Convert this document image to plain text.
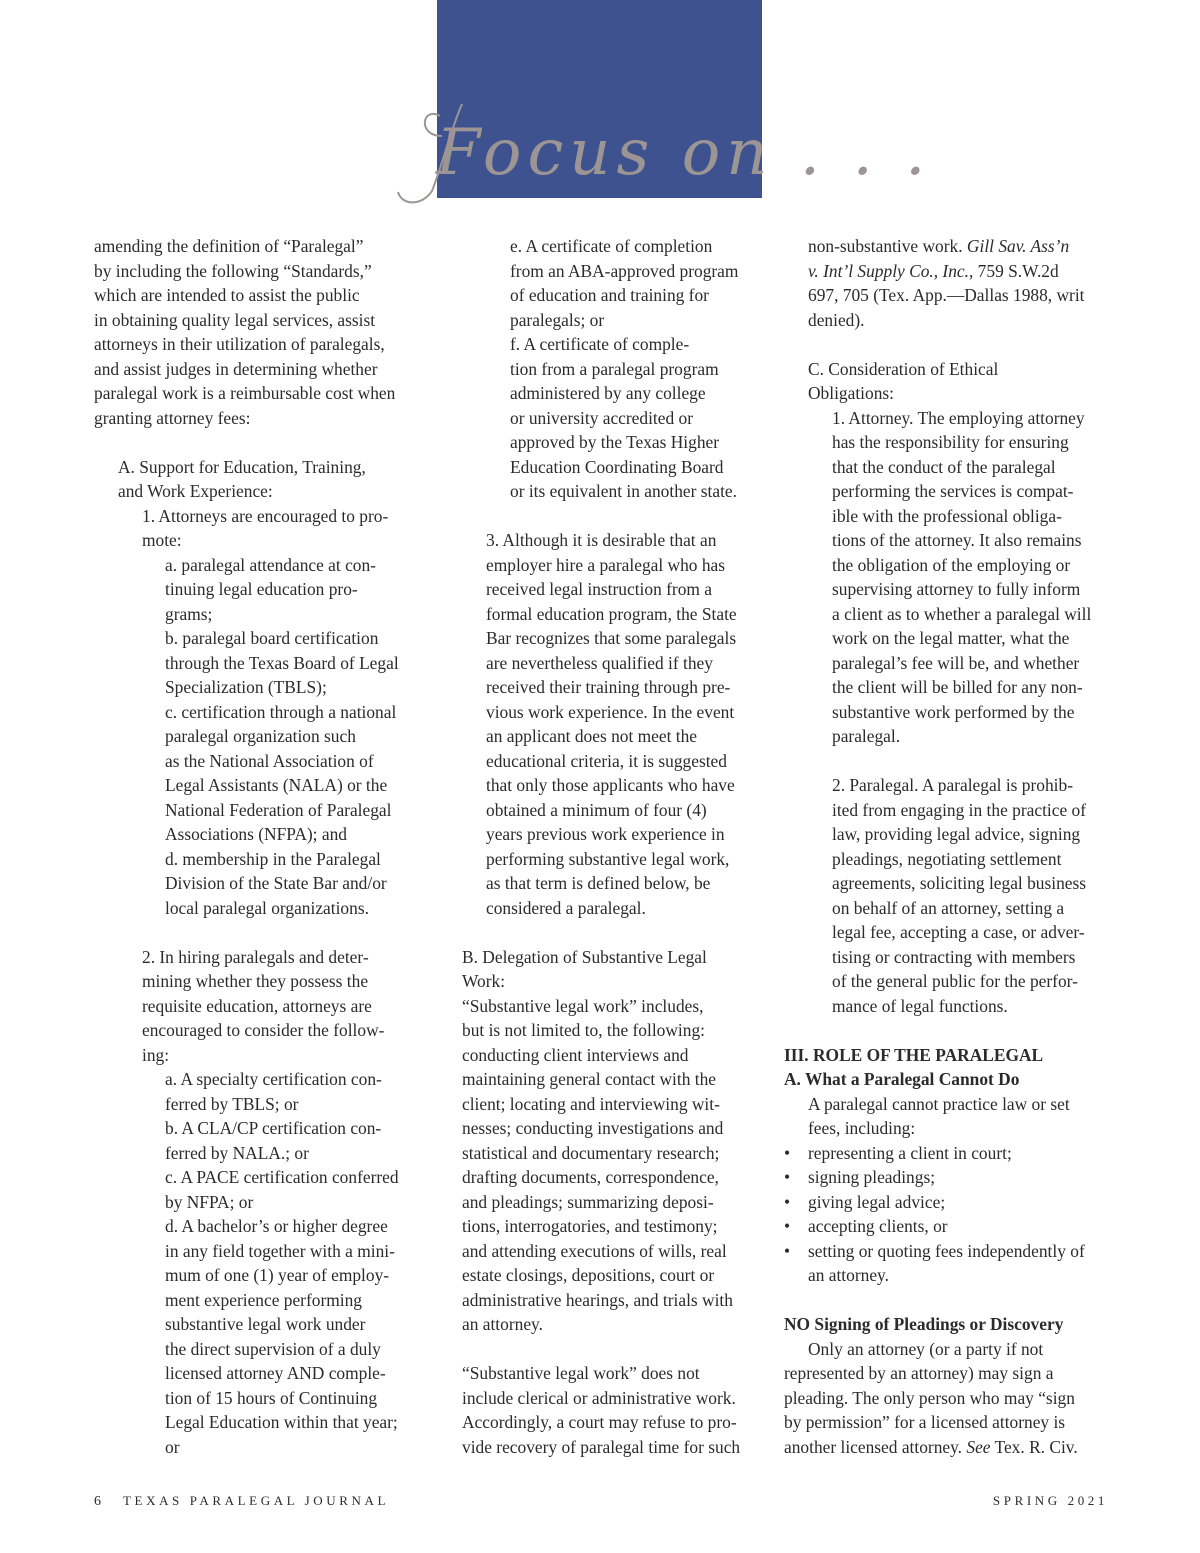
Focus on . . .
amending the definition of “Paralegal”
by including the following “Standards,”
which are intended to assist the public
in obtaining quality legal services, assist
attorneys in their utilization of paralegals,
and assist judges in determining whether
paralegal work is a reimbursable cost when
granting attorney fees:
A. Support for Education, Training,
and Work Experience:
1. Attorneys are encouraged to pro-
mote:
a. paralegal attendance at con-
tinuing legal education pro-
grams;
b. paralegal board certification
through the Texas Board of Legal
Specialization (TBLS);
c. certification through a national
paralegal organization such
as the National Association of
Legal Assistants (NALA) or the
National Federation of Paralegal
Associations (NFPA); and
d. membership in the Paralegal
Division of the State Bar and/or
local paralegal organizations.
2. In hiring paralegals and deter-
mining whether they possess the
requisite education, attorneys are
encouraged to consider the follow-
ing:
a. A specialty certification con-
ferred by TBLS; or
b. A CLA/CP certification con-
ferred by NALA.; or
c. A PACE certification conferred
by NFPA; or
d. A bachelor’s or higher degree
in any field together with a mini-
mum of one (1) year of employ-
ment experience performing
substantive legal work under
the direct supervision of a duly
licensed attorney AND comple-
tion of 15 hours of Continuing
Legal Education within that year;
or
e. A certificate of completion
from an ABA-approved program
of education and training for
paralegals; or
f. A certificate of comple-
tion from a paralegal program
administered by any college
or university accredited or
approved by the Texas Higher
Education Coordinating Board
or its equivalent in another state.
3. Although it is desirable that an
employer hire a paralegal who has
received legal instruction from a
formal education program, the State
Bar recognizes that some paralegals
are nevertheless qualified if they
received their training through pre-
vious work experience. In the event
an applicant does not meet the
educational criteria, it is suggested
that only those applicants who have
obtained a minimum of four (4)
years previous work experience in
performing substantive legal work,
as that term is defined below, be
considered a paralegal.
B. Delegation of Substantive Legal
Work:
“Substantive legal work” includes,
but is not limited to, the following:
conducting client interviews and
maintaining general contact with the
client; locating and interviewing wit-
nesses; conducting investigations and
statistical and documentary research;
drafting documents, correspondence,
and pleadings; summarizing deposi-
tions, interrogatories, and testimony;
and attending executions of wills, real
estate closings, depositions, court or
administrative hearings, and trials with
an attorney.
“Substantive legal work” does not
include clerical or administrative work.
Accordingly, a court may refuse to pro-
vide recovery of paralegal time for such
non-substantive work. Gill Sav. Ass’n
v. Int’l Supply Co., Inc., 759 S.W.2d
697, 705 (Tex. App.—Dallas 1988, writ
denied).
C. Consideration of Ethical
Obligations:
1. Attorney. The employing attorney
has the responsibility for ensuring
that the conduct of the paralegal
performing the services is compat-
ible with the professional obliga-
tions of the attorney. It also remains
the obligation of the employing or
supervising attorney to fully inform
a client as to whether a paralegal will
work on the legal matter, what the
paralegal’s fee will be, and whether
the client will be billed for any non-
substantive work performed by the
paralegal.
2. Paralegal. A paralegal is prohib-
ited from engaging in the practice of
law, providing legal advice, signing
pleadings, negotiating settlement
agreements, soliciting legal business
on behalf of an attorney, setting a
legal fee, accepting a case, or adver-
tising or contracting with members
of the general public for the perfor-
mance of legal functions.
III. ROLE OF THE PARALEGAL
A. What a Paralegal Cannot Do
A paralegal cannot practice law or set
fees, including:
• representing a client in court;
• signing pleadings;
• giving legal advice;
• accepting clients, or
• setting or quoting fees independently of
an attorney.
NO Signing of Pleadings or Discovery
Only an attorney (or a party if not
represented by an attorney) may sign a
pleading. The only person who may “sign
by permission” for a licensed attorney is
another licensed attorney. See Tex. R. Civ.
6 TEXAS PARALEGAL JOURNAL	SPRING 2021
